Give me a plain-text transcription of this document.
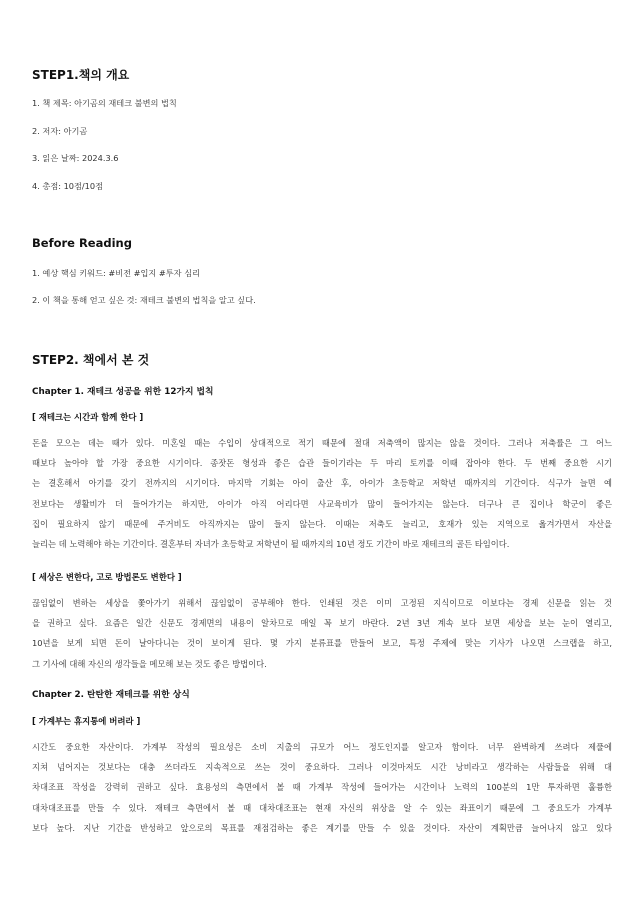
STEP1.책의 개요
1. 책 제목: 아기곰의 재테크 불변의 법칙
2. 저자: 아기곰
3. 읽은 날짜: 2024.3.6
4. 총점: 10점/10점
Before Reading
1. 예상 핵심 키워드: #비전 #입지 #투자 심리
2. 이 책을 통해 얻고 싶은 것: 재테크 불변의 법칙을 알고 싶다.
STEP2. 책에서 본 것
Chapter 1. 재테크 성공을 위한 12가지 법칙
[ 재테크는 시간과 함께 한다 ]
돈을 모으는 데는 때가 있다. 미혼일 때는 수입이 상대적으로 적기 때문에 절대 저축액이 많지는 않을 것이다. 그러나 저축률은 그 어느
때보다 높아야 할 가장 중요한 시기이다. 종잣돈 형성과 좋은 습관 들이기라는 두 마리 토끼를 이때 잡아야 한다. 두 번째 중요한 시기
는 결혼해서 아기를 갖기 전까지의 시기이다. 마지막 기회는 아이 출산 후, 아이가 초등학교 저학년 때까지의 기간이다. 식구가 늘면 예
전보다는 생활비가 더 들어가기는 하지만, 아이가 아직 어리다면 사교육비가 많이 들어가지는 않는다. 더구나 큰 집이나 학군이 좋은
집이 필요하지 않기 때문에 주거비도 아직까지는 많이 들지 않는다. 이때는 저축도 늘리고, 호재가 있는 지역으로 옮겨가면서 자산을
늘리는 데 노력해야 하는 기간이다. 결혼부터 자녀가 초등학교 저학년이 될 때까지의 10년 정도 기간이 바로 재테크의 골든 타임이다.
[ 세상은 변한다, 고로 방법론도 변한다 ]
끊임없이 변하는 세상을 쫓아가기 위해서 끊임없이 공부해야 한다. 인쇄된 것은 이미 고정된 지식이므로 이보다는 경제 신문을 읽는 것
을 권하고 싶다. 요즘은 일간 신문도 경제면의 내용이 알차므로 매일 꼭 보기 바란다. 2년 3년 계속 보다 보면 세상을 보는 눈이 열리고,
10년을 보게 되면 돈이 날아다니는 것이 보이게 된다. 몇 가지 분류표를 만들어 보고, 특정 주제에 맞는 기사가 나오면 스크랩을 하고,
그 기사에 대해 자신의 생각들을 메모해 보는 것도 좋은 방법이다.
Chapter 2. 탄탄한 재테크를 위한 상식
[ 가계부는 휴지통에 버려라 ]
시간도 중요한 자산이다. 가계부 작성의 필요성은 소비 지출의 규모가 어느 정도인지를 알고자 함이다. 너무 완벽하게 쓰려다 제풀에
지쳐 넘어지는 것보다는 대충 쓰더라도 지속적으로 쓰는 것이 중요하다. 그러나 이것마저도 시간 낭비라고 생각하는 사람들을 위해 대
차대조표 작성을 강력히 권하고 싶다. 효용성의 측면에서 볼 때 가계부 작성에 들어가는 시간이나 노력의 100분의 1만 투자하면 훌륭한
대차대조표를 만들 수 있다. 재테크 측면에서 볼 때 대차대조표는 현재 자신의 위상을 알 수 있는 좌표이기 때문에 그 중요도가 가계부
보다 높다. 지난 기간을 반성하고 앞으로의 목표를 재점검하는 좋은 계기를 만들 수 있을 것이다. 자산이 계획만큼 늘어나지 않고 있다
